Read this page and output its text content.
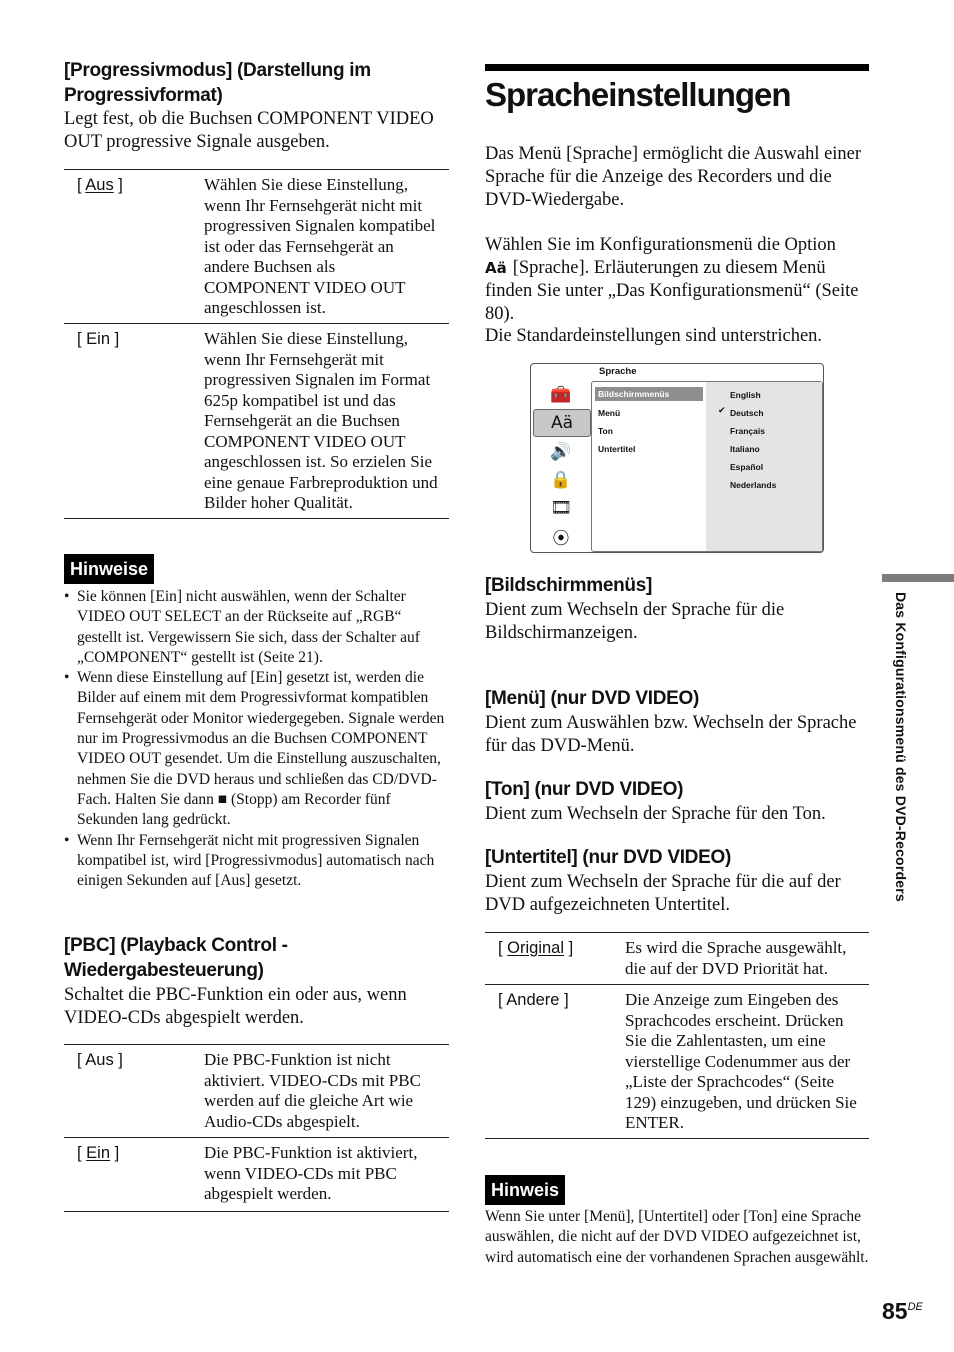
[Progressivmodus] (Darstellung im Progressivformat)
Legt fest, ob die Buchsen COMPONENT VIDEO OUT progressive Signale ausgeben.
[ Aus ]	Wählen Sie diese Einstellung, wenn Ihr Fernsehgerät nicht mit progressiven Signalen kompatibel ist oder das Fernsehgerät an andere Buchsen als COMPONENT VIDEO OUT angeschlossen ist.
[ Ein ]	Wählen Sie diese Einstellung, wenn Ihr Fernsehgerät mit progressiven Signalen im Format 625p kompatibel ist und das Fernsehgerät an die Buchsen COMPONENT VIDEO OUT angeschlossen ist. So erzielen Sie eine genaue Farbreproduktion und Bilder hoher Qualität.
Hinweise
• Sie können [Ein] nicht auswählen, wenn der Schalter VIDEO OUT SELECT an der Rückseite auf „RGB“ gestellt ist. Vergewissern Sie sich, dass der Schalter auf „COMPONENT“ gestellt ist (Seite 21).
• Wenn diese Einstellung auf [Ein] gesetzt ist, werden die Bilder auf einem mit dem Progressivformat kompatiblen Fernsehgerät oder Monitor wiedergegeben. Signale werden nur im Progressivmodus an die Buchsen COMPONENT VIDEO OUT gesendet. Um die Einstellung auszuschalten, nehmen Sie die DVD heraus und schließen das CD/DVD-Fach. Halten Sie dann ■ (Stopp) am Recorder fünf Sekunden lang gedrückt.
• Wenn Ihr Fernsehgerät nicht mit progressiven Signalen kompatibel ist, wird [Progressivmodus] automatisch nach einigen Sekunden auf [Aus] gesetzt.
[PBC] (Playback Control - Wiedergabesteuerung)
Schaltet die PBC-Funktion ein oder aus, wenn VIDEO-CDs abgespielt werden.
[ Aus ]	Die PBC-Funktion ist nicht aktiviert. VIDEO-CDs mit PBC werden auf die gleiche Art wie Audio-CDs abgespielt.
[ Ein ]	Die PBC-Funktion ist aktiviert, wenn VIDEO-CDs mit PBC abgespielt werden.
Spracheinstellungen
Das Menü [Sprache] ermöglicht die Auswahl einer Sprache für die Anzeige des Recorders und die DVD-Wiedergabe.
Wählen Sie im Konfigurationsmenü die Option Aä [Sprache]. Erläuterungen zu diesem Menü finden Sie unter „Das Konfigurationsmenü“ (Seite 80).
Die Standardeinstellungen sind unterstrichen.
Sprache
🧰
Aä
🔊
🔒
🎞
⦿
Bildschirmmenüs
Menü
Ton
Untertitel
English
✔ Deutsch
Français
Italiano
Español
Nederlands
[Bildschirmmenüs]
Dient zum Wechseln der Sprache für die Bildschirmanzeigen.
[Menü] (nur DVD VIDEO)
Dient zum Auswählen bzw. Wechseln der Sprache für das DVD-Menü.
[Ton] (nur DVD VIDEO)
Dient zum Wechseln der Sprache für den Ton.
[Untertitel] (nur DVD VIDEO)
Dient zum Wechseln der Sprache für die auf der DVD aufgezeichneten Untertitel.
[ Original ]	Es wird die Sprache ausgewählt, die auf der DVD Priorität hat.
[ Andere ]	Die Anzeige zum Eingeben des Sprachcodes erscheint. Drücken Sie die Zahlentasten, um eine vierstellige Codenummer aus der „Liste der Sprachcodes“ (Seite 129) einzugeben, und drücken Sie ENTER.
Hinweis
Wenn Sie unter [Menü], [Untertitel] oder [Ton] eine Sprache auswählen, die nicht auf der DVD VIDEO aufgezeichnet ist, wird automatisch eine der vorhandenen Sprachen ausgewählt.
Das Konfigurationsmenü des DVD-Recorders
85DE
